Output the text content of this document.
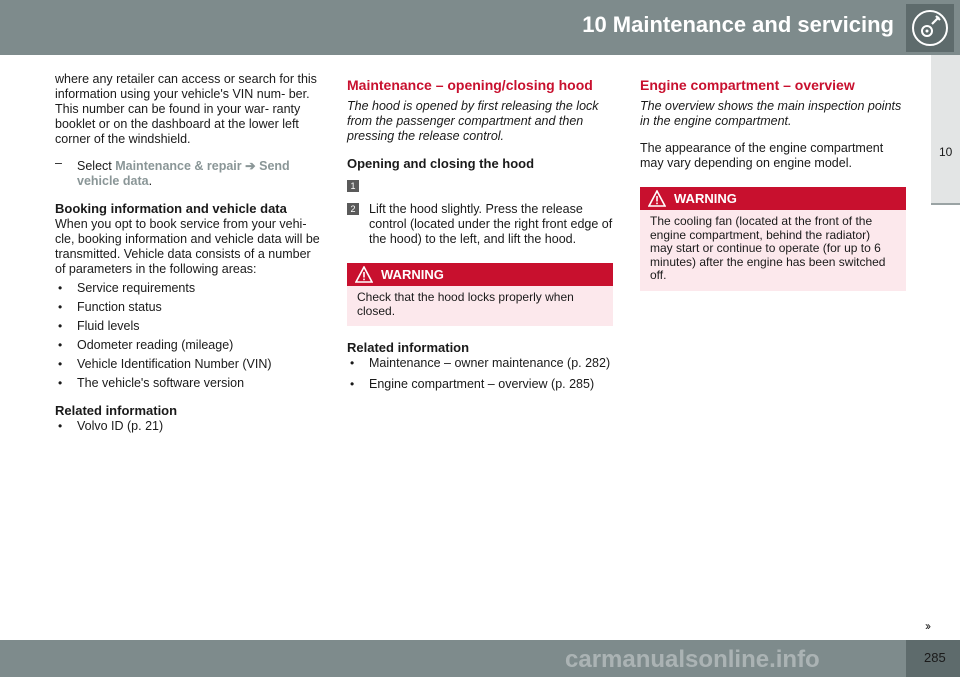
10 Maintenance and servicing
10

where any retailer can access or search for this information using your vehicle's VIN num- ber. This number can be found in your war- ranty booklet or on the dashboard at the lower left corner of the windshield.

– Select Maintenance & repair ➔ Send vehicle data.
Booking information and vehicle data

When you opt to book service from your vehi- cle, booking information and vehicle data will be transmitted. Vehicle data consists of a number of parameters in the following areas:

• Service requirements
• Function status
• Fluid levels
• Odometer reading (mileage)
• Vehicle Identification Number (VIN)
• The vehicle's software version
Related information
• Volvo ID (p. 21)
Maintenance – opening/closing hood

The hood is opened by first releasing the lock from the passenger compartment and then pressing the release control.

Opening and closing the hood
1
2 Lift the hood slightly. Press the release control (located under the right front edge of the hood) to the left, and lift the hood.
WARNING
Check that the hood locks properly when closed.
Related information
• Maintenance – owner maintenance (p. 282)
• Engine compartment – overview (p. 285)
Engine compartment – overview

The overview shows the main inspection points in the engine compartment.

The appearance of the engine compartment may vary depending on engine model.

WARNING
The cooling fan (located at the front of the engine compartment, behind the radiator) may start or continue to operate (for up to 6 minutes) after the engine has been switched off.
››
carmanualsonline.info	285
